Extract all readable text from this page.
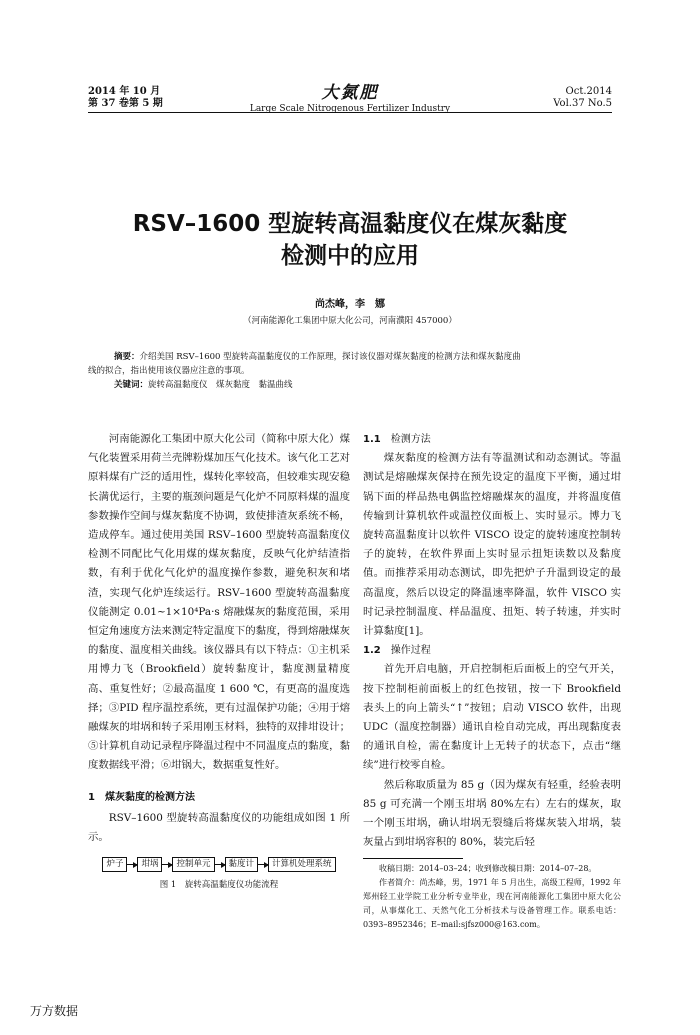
2014 年 10 月
第 37 卷第 5 期
大氮肥
Large Scale Nitrogenous Fertilizer Industry
Oct.2014
Vol.37 No.5
RSV–1600 型旋转高温黏度仪在煤灰黏度
检测中的应用
尚杰峰，李　娜
（河南能源化工集团中原大化公司，河南濮阳 457000）
摘要：介绍美国 RSV–1600 型旋转高温黏度仪的工作原理，探讨该仪器对煤灰黏度的检测方法和煤灰黏度曲
线的拟合，指出使用该仪器应注意的事项。
关键词：旋转高温黏度仪　煤灰黏度　黏温曲线

河南能源化工集团中原大化公司（简称中原大化）煤气化装置采用荷兰壳牌粉煤加压气化技术。该气化工艺对原料煤有广泛的适用性，煤转化率较高，但较难实现安稳长满优运行，主要的瓶颈问题是气化炉不同原料煤的温度参数操作空间与煤灰黏度不协调，致使排渣灰系统不畅，造成停车。通过使用美国 RSV–1600 型旋转高温黏度仪检测不同配比气化用煤的煤灰黏度，反映气化炉结渣指数，有利于优化气化炉的温度操作参数，避免积灰和堵渣，实现气化炉连续运行。RSV–1600 型旋转高温黏度仪能测定 0.01~1×10⁴Pa·s 熔融煤灰的黏度范围，采用恒定角速度方法来测定特定温度下的黏度，得到熔融煤灰的黏度、温度相关曲线。该仪器具有以下特点：①主机采用博力飞（Brookfield）旋转黏度计，黏度测量精度高、重复性好；②最高温度 1 600 ℃，有更高的温度选择；③PID 程序温控系统，更有过温保护功能；④用于熔融煤灰的坩埚和转子采用刚玉材料，独特的双排坩设计；⑤计算机自动记录程序降温过程中不同温度点的黏度，黏度数据线平滑；⑥坩锅大，数据重复性好。

1　 煤灰黏度的检测方法

RSV–1600 型旋转高温黏度仪的功能组成如图 1 所示。

炉子	坩埚	控制单元	黏度计	计算机处理系统
图 1　旋转高温黏度仪功能流程
1.1　 检测方法

煤灰黏度的检测方法有等温测试和动态测试。等温测试是熔融煤灰保持在预先设定的温度下平衡，通过坩锅下面的样品热电偶监控熔融煤灰的温度，并将温度值传输到计算机软件或温控仪面板上、实时显示。博力飞旋转高温黏度计以软件 VISCO 设定的旋转速度控制转子的旋转，在软件界面上实时显示扭矩读数以及黏度值。而推荐采用动态测试，即先把炉子升温到设定的最高温度，然后以设定的降温速率降温，软件 VISCO 实时记录控制温度、样品温度、扭矩、转子转速，并实时计算黏度[1]。

1.2　 操作过程

首先开启电脑，开启控制柜后面板上的空气开关，按下控制柜前面板上的红色按钮，按一下 Brookfield 表头上的向上箭头“↑”按钮；启动 VISCO 软件，出现 UDC（温度控制器）通讯自检自动完成，再出现黏度表的通讯自检，需在黏度计上无转子的状态下，点击“继续”进行校零自检。

然后称取质量为 85 g（因为煤灰有轻重，经验表明 85 g 可充满一个刚玉坩埚 80%左右）左右的煤灰，取一个刚玉坩埚，确认坩埚无裂缝后将煤灰装入坩埚，装灰量占到坩埚容积的 80%，装完后轻

收稿日期：2014–03–24；收到修改稿日期：2014–07–28。

作者简介：尚杰峰，男，1971 年 5 月出生，高级工程师，1992 年郑州轻工业学院工业分析专业毕业，现在河南能源化工集团中原大化公司，从事煤化工、天然气化工分析技术与设备管理工作。联系电话：0393–8952346；E–mail:sjfsz000@163.com。

万方数据
